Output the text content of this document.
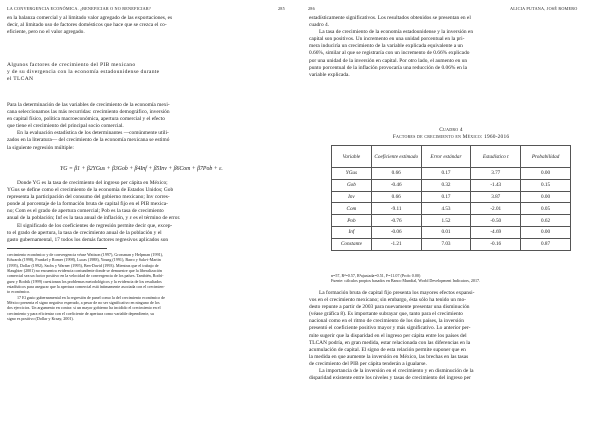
LA CONVERGENCIA ECONÓMICA. ¿BENEFICIAR O NO BENEFICIAR?	285

en la balanza comercial y al limitado valor agregado de las exportaciones, es

decir, al limitado uso de factores domésticos que hace que se crezca el co-

eficiente, pero no el valor agregado.

Algunos factores de crecimiento del PIB mexicano

y de su divergencia con la economía estadounidense durante

el TLCAN

Para la determinación de las variables de crecimiento de la economía mexi-

cana seleccionamos las más recurridas: crecimiento demográfico, inversión

en capital físico, política macroeconómica, apertura comercial y el efecto

que tiene el crecimiento del principal socio comercial.

En la evaluación estadística de los determinantes —comúnmente utili-

zados en la literatura— del crecimiento de la economía mexicana se estimó

la siguiente regresión múltiple:

YG = β1 + β2YGus + β3Gob + β4Inf + β5Inv + β6Com + β7Pob + ε.

Donde YG es la tasa de crecimiento del ingreso per cápita en México;

YGus se define como el crecimiento de la economía de Estados Unidos; Gob

representa la participación del consumo del gobierno mexicano; Inv corres-

ponde al porcentaje de la formación bruta de capital fijo en el PIB mexica-

no; Com es el grado de apertura comercial; Pob es la tasa de crecimiento

anual de la población; Inf es la tasa anual de inflación, y ε es el término de error.

El significado de los coeficientes de regresión permite decir que, excep-

to el grado de apertura, la tasa de crecimiento anual de la población y el

gasto gubernamental, 17 todos los demás factores regresivos aplicados son

crecimiento económico y de convergencia véase Wattson (1997), Grossman y Helpman (1991),

Edwards (1998), Frankel y Romer (1998), Lucas (1988), Young (1991), Barro y Sala-i-Martin

(1995), Dollar (1992), Sachs y Warner (1995), Ben-David (1993). Mientras que el trabajo de

Slaughter (2001) no encuentra evidencia contundente donde se demuestre que la liberalización

comercial sea un factor positivo en la velocidad de convergencia de los países. También, Rodrí-

guez y Rodrik (1999) cuestionan los problemas metodológicos y la evidencia de los resultados

estadísticos para asegurar que la apertura comercial está íntimamente asociada con el crecimien-

to económico.

17 El gasto gubernamental en la regresión de panel como la del crecimiento económico de

México presenta el signo negativo esperado, a pesar de no ser significativo en ninguno de los

dos ejercicios. Un argumento en contra: si un mayor gobierno ha incidido el crecimiento en el

crecimiento y para eficientar con el coeficiente de apertura como variable dependiente, su

signo es positivo (Dollar y Kraay, 2001).

286	ALICIA PUTANA, JOSÉ ROMERO

estadísticamente significativos. Los resultados obtenidos se presentan en el

cuadro 4.

La tasa de crecimiento de la economía estadounidense y la inversión en

capital son positivos. Un incremento en una unidad porcentual en la pri-

mera induciría un crecimiento de la variable explicada equivalente a un

0.66%, similar al que se registraría con un incremento de 0.66% explicado

por una unidad de la inversión en capital. Por otro lado, el aumento en un

punto porcentual de la inflación provocaría una reducción de 0.06% en la

variable explicada.

Cuadro 4
Factores de crecimiento en México: 1960-2016
Variable	Coeficiente estimado	Error estándar	Estadístico t	Probabilidad
YGus	0.66	0.17	3.77	0.00
Gob	-0.46	0.32	-1.43	0.15
Inv	0.66	0.17	3.87	0.00
Com	-9.11	4.53	-2.01	0.05
Pob	-0.76	1.52	-0.50	0.62
Inf	-0.06	0.01	-4.69	0.00
Constante	-1.21	7.03	-0.16	0.87
n=57, R²=0.57, R²ajustada=0.51, F=11.07 (Prob: 0.00)
Fuente: cálculos propios basados en Banco Mundial, World Development Indicators, 2017.

La formación bruta de capital fijo presenta los mayores efectos expansi-

vos en el crecimiento mexicano; sin embargo, ésta sólo ha tenido un mo-

desto repunte a partir de 2003 para nuevamente presentar una disminución

(véase gráfica 8). Es importante subrayar que, tanto para el crecimiento

nacional como en el ritmo de crecimiento de los dos países, la inversión

presentó el coeficiente positivo mayor y más significativo. Lo anterior per-

mite sugerir que la disparidad en el ingreso per cápita entre los países del

TLCAN podría, en gran medida, estar relacionada con las diferencias en la

acumulación de capital. El signo de esta relación permite suponer que en

la medida en que aumente la inversión en México, las brechas en las tasas

de crecimiento del PIB per cápita tenderán a igualarse.

La importancia de la inversión en el crecimiento y en disminución de la

disparidad existente entre los niveles y tasas de crecimiento del ingreso per
